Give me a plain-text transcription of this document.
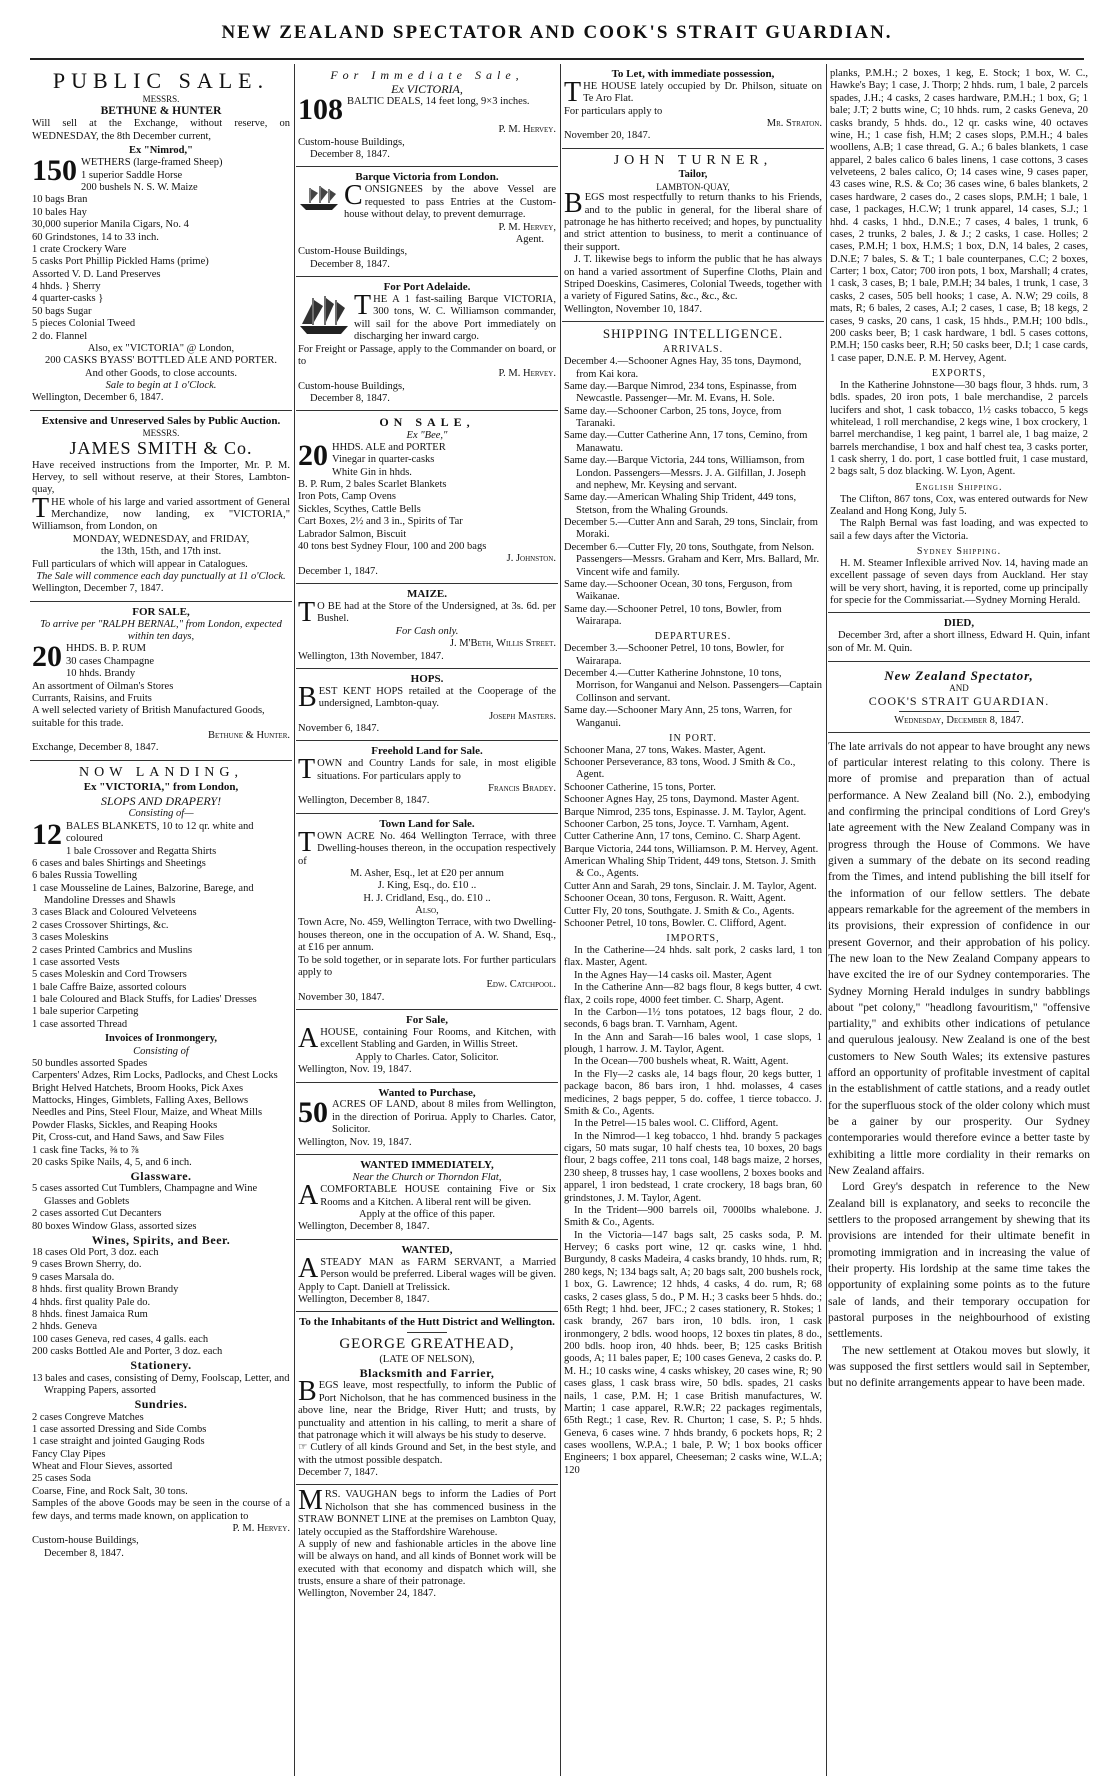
NEW ZEALAND SPECTATOR AND COOK'S STRAIT GUARDIAN.
PUBLIC SALE.
MESSRS.
BETHUNE & HUNTER
Will sell at the Exchange, without reserve, on WEDNESDAY, the 8th December current,
Ex "Nimrod,"
150 WETHERS (large-framed Sheep)
1 superior Saddle Horse
200 bushels N. S. W. Maize
10 bags Bran
10 bales Hay
30,000 superior Manila Cigars, No. 4
60 Grindstones, 14 to 33 inch.
1 crate Crockery Ware
5 casks Port Phillip Pickled Hams (prime)
Assorted V. D. Land Preserves
4 hhds. } Sherry
4 quarter-casks }
50 bags Sugar
5 pieces Colonial Tweed
2 do. Flannel
Also, ex "VICTORIA" @ London,
200 CASKS BYASS' BOTTLED ALE AND PORTER.
And other Goods, to close accounts.
Sale to begin at 1 o'Clock.
Wellington, December 6, 1847.
Extensive and Unreserved Sales by Public Auction.
MESSRS.
JAMES SMITH & Co.
Have received instructions from the Importer, Mr. P. M. Hervey, to sell without reserve, at their Stores, Lambton-quay,
THE whole of his large and varied assortment of General Merchandize, now landing, ex "VICTORIA," Williamson, from London, on
MONDAY, WEDNESDAY, and FRIDAY,
the 13th, 15th, and 17th inst.
Full particulars of which will appear in Catalogues.
The Sale will commence each day punctually at 11 o'Clock.
Wellington, December 7, 1847.
FOR SALE,
To arrive per "RALPH BERNAL," from London, expected within ten days,
20 HHDS. B. P. RUM
30 cases Champagne
10 hhds. Brandy
An assortment of Oilman's Stores
Currants, Raisins, and Fruits
A well selected variety of British Manufactured Goods, suitable for this trade.
Bethune & Hunter.
Exchange, December 8, 1847.
NOW LANDING,
Ex "VICTORIA," from London,
SLOPS AND DRAPERY!
Consisting of—
12 BALES BLANKETS, 10 to 12 qr. white and coloured
1 bale Crossover and Regatta Shirts
6 cases and bales Shirtings and Sheetings
6 bales Russia Towelling
1 case Mousseline de Laines, Balzorine, Barege, and Mandoline Dresses and Shawls
3 cases Black and Coloured Velveteens
2 cases Crossover Shirtings, &c.
3 cases Moleskins
2 cases Printed Cambrics and Muslins
1 case assorted Vests
5 cases Moleskin and Cord Trowsers
1 bale Caffre Baize, assorted colours
1 bale Coloured and Black Stuffs, for Ladies' Dresses
1 bale superior Carpeting
1 case assorted Thread
Invoices of Ironmongery,
Consisting of
50 bundles assorted Spades
Carpenters' Adzes, Rim Locks, Padlocks, and Chest Locks
Bright Helved Hatchets, Broom Hooks, Pick Axes
Mattocks, Hinges, Gimblets, Falling Axes, Bellows
Needles and Pins, Steel Flour, Maize, and Wheat Mills
Powder Flasks, Sickles, and Reaping Hooks
Pit, Cross-cut, and Hand Saws, and Saw Files
1 cask fine Tacks, ⅜ to ⅞
20 casks Spike Nails, 4, 5, and 6 inch.
Glassware.
5 cases assorted Cut Tumblers, Champagne and Wine Glasses and Goblets
2 cases assorted Cut Decanters
80 boxes Window Glass, assorted sizes
Wines, Spirits, and Beer.
18 cases Old Port, 3 doz. each
9 cases Brown Sherry, do.
9 cases Marsala do.
8 hhds. first quality Brown Brandy
4 hhds. first quality Pale do.
8 hhds. finest Jamaica Rum
2 hhds. Geneva
100 cases Geneva, red cases, 4 galls. each
200 casks Bottled Ale and Porter, 3 doz. each
Stationery.
13 bales and cases, consisting of Demy, Foolscap, Letter, and Wrapping Papers, assorted
Sundries.
2 cases Congreve Matches
1 case assorted Dressing and Side Combs
1 case straight and jointed Gauging Rods
Fancy Clay Pipes
Wheat and Flour Sieves, assorted
25 cases Soda
Coarse, Fine, and Rock Salt, 30 tons.
Samples of the above Goods may be seen in the course of a few days, and terms made known, on application to
P. M. Hervey.
Custom-house Buildings,
December 8, 1847.
For Immediate Sale,
Ex VICTORIA,
108 BALTIC DEALS, 14 feet long, 9×3 inches.
P. M. Hervey.
Custom-house Buildings,
December 8, 1847.
Barque Victoria from London.
CONSIGNEES by the above Vessel are requested to pass Entries at the Custom-house without delay, to prevent demurrage.
P. M. Hervey,
Agent.
Custom-House Buildings,
December 8, 1847.
For Port Adelaide.
THE A 1 fast-sailing Barque VICTORIA, 300 tons, W. C. Williamson commander, will sail for the above Port immediately on discharging her inward cargo.
For Freight or Passage, apply to the Commander on board, or to
P. M. Hervey.
Custom-house Buildings,
December 8, 1847.
ON SALE,
Ex "Bee,"
20 HHDS. ALE and PORTER
Vinegar in quarter-casks
White Gin in hhds.
B. P. Rum, 2 bales Scarlet Blankets
Iron Pots, Camp Ovens
Sickles, Scythes, Cattle Bells
Cart Boxes, 2½ and 3 in., Spirits of Tar
Labrador Salmon, Biscuit
40 tons best Sydney Flour, 100 and 200 bags
J. Johnston.
December 1, 1847.
MAIZE.
T O BE had at the Store of the Undersigned, at 3s. 6d. per Bushel.
For Cash only.
J. M'Beth, Willis Street.
Wellington, 13th November, 1847.
HOPS.
BEST KENT HOPS retailed at the Cooperage of the undersigned, Lambton-quay.
Joseph Masters.
November 6, 1847.
Freehold Land for Sale.
TOWN and Country Lands for sale, in most eligible situations. For particulars apply to
Francis Bradey.
Wellington, December 8, 1847.
Town Land for Sale.
TOWN ACRE No. 464 Wellington Terrace, with three Dwelling-houses thereon, in the occupation respectively of
M. Asher, Esq., let at £20 per annum
J. King, Esq., do. £10 ..
H. J. Cridland, Esq., do. £10 ..
Also,
Town Acre, No. 459, Wellington Terrace, with two Dwelling-houses thereon, one in the occupation of A. W. Shand, Esq., at £16 per annum.
To be sold together, or in separate lots. For further particulars apply to
Edw. Catchpool.
November 30, 1847.
For Sale,
AHOUSE, containing Four Rooms, and Kitchen, with excellent Stabling and Garden, in Willis Street.
Apply to Charles. Cator, Solicitor.
Wellington, Nov. 19, 1847.
Wanted to Purchase,
50 ACRES OF LAND, about 8 miles from Wellington, in the direction of Porirua. Apply to Charles. Cator, Solicitor.
Wellington, Nov. 19, 1847.
WANTED IMMEDIATELY,
Near the Church or Thorndon Flat,
ACOMFORTABLE HOUSE containing Five or Six Rooms and a Kitchen. A liberal rent will be given.
Apply at the office of this paper.
Wellington, December 8, 1847.
WANTED,
ASTEADY MAN as FARM SERVANT, a Married Person would be preferred. Liberal wages will be given. Apply to Capt. Daniell at Trelissick.
Wellington, December 8, 1847.
To the Inhabitants of the Hutt District and Wellington.
GEORGE GREATHEAD,
(LATE OF NELSON),
Blacksmith and Farrier,
BEGS leave, most respectfully, to inform the Public of Port Nicholson, that he has commenced business in the above line, near the Bridge, River Hutt; and trusts, by punctuality and attention in his calling, to merit a share of that patronage which it will always be his study to deserve.
☞ Cutlery of all kinds Ground and Set, in the best style, and with the utmost possible despatch.
December 7, 1847.
MRS. VAUGHAN begs to inform the Ladies of Port Nicholson that she has commenced business in the STRAW BONNET LINE at the premises on Lambton Quay, lately occupied as the Staffordshire Warehouse.
A supply of new and fashionable articles in the above line will be always on hand, and all kinds of Bonnet work will be executed with that economy and dispatch which will, she trusts, ensure a share of their patronage.
Wellington, November 24, 1847.
To Let, with immediate possession,
THE HOUSE lately occupied by Dr. Philson, situate on Te Aro Flat.
For particulars apply to
Mr. Straton.
November 20, 1847.
JOHN TURNER,
Tailor,
LAMBTON-QUAY,
BEGS most respectfully to return thanks to his Friends, and to the public in general, for the liberal share of patronage he has hitherto received; and hopes, by punctuality and strict attention to business, to merit a continuance of their support.
J. T. likewise begs to inform the public that he has always on hand a varied assortment of Superfine Cloths, Plain and Striped Doeskins, Casimeres, Colonial Tweeds, together with a variety of Figured Satins, &c., &c., &c.
Wellington, November 10, 1847.
SHIPPING INTELLIGENCE.
ARRIVALS.
December 4.—Schooner Agnes Hay, 35 tons, Daymond, from Kai kora.
Same day.—Barque Nimrod, 234 tons, Espinasse, from Newcastle. Passenger—Mr. M. Evans, H. Sole.
Same day.—Schooner Carbon, 25 tons, Joyce, from Taranaki.
Same day.—Cutter Catherine Ann, 17 tons, Cemino, from Manawatu.
Same day.—Barque Victoria, 244 tons, Williamson, from London. Passengers—Messrs. J. A. Gilfillan, J. Joseph and nephew, Mr. Keysing and servant.
Same day.—American Whaling Ship Trident, 449 tons, Stetson, from the Whaling Grounds.
December 5.—Cutter Ann and Sarah, 29 tons, Sinclair, from Moraki.
December 6.—Cutter Fly, 20 tons, Southgate, from Nelson. Passengers—Messrs. Graham and Kerr, Mrs. Ballard, Mr. Vincent wife and family.
Same day.—Schooner Ocean, 30 tons, Ferguson, from Waikanae.
Same day.—Schooner Petrel, 10 tons, Bowler, from Wairarapa.
DEPARTURES.
December 3.—Schooner Petrel, 10 tons, Bowler, for Wairarapa.
December 4.—Cutter Katherine Johnstone, 10 tons, Morrison, for Wanganui and Nelson. Passengers—Captain Collinson and servant.
Same day.—Schooner Mary Ann, 25 tons, Warren, for Wanganui.
IN PORT.
Schooner Mana, 27 tons, Wakes. Master, Agent.
Schooner Perseverance, 83 tons, Wood. J Smith & Co., Agent.
Schooner Catherine, 15 tons, Porter.
Schooner Agnes Hay, 25 tons, Daymond. Master Agent.
Barque Nimrod, 235 tons, Espinasse. J. M. Taylor, Agent.
Schooner Carbon, 25 tons, Joyce. T. Varnham, Agent.
Cutter Catherine Ann, 17 tons, Cemino. C. Sharp Agent.
Barque Victoria, 244 tons, Williamson. P. M. Hervey, Agent.
American Whaling Ship Trident, 449 tons, Stetson. J. Smith & Co., Agents.
Cutter Ann and Sarah, 29 tons, Sinclair. J. M. Taylor, Agent.
Schooner Ocean, 30 tons, Ferguson. R. Waitt, Agent.
Cutter Fly, 20 tons, Southgate. J. Smith & Co., Agents.
Schooner Petrel, 10 tons, Bowler. C. Clifford, Agent.
IMPORTS,
In the Catherine—24 hhds. salt pork, 2 casks lard, 1 ton flax. Master, Agent.
In the Agnes Hay—14 casks oil. Master, Agent
In the Catherine Ann—82 bags flour, 8 kegs butter, 4 cwt. flax, 2 coils rope, 4000 feet timber. C. Sharp, Agent.
In the Carbon—1½ tons potatoes, 12 bags flour, 2 do. seconds, 6 bags bran. T. Varnham, Agent.
In the Ann and Sarah—16 bales wool, 1 case slops, 1 plough, 1 harrow. J. M. Taylor, Agent.
In the Ocean—700 bushels wheat, R. Waitt, Agent.
In the Fly—2 casks ale, 14 bags flour, 20 kegs butter, 1 package bacon, 86 bars iron, 1 hhd. molasses, 4 cases medicines, 2 bags pepper, 5 do. coffee, 1 tierce tobacco. J. Smith & Co., Agents.
In the Petrel—15 bales wool. C. Clifford, Agent.
In the Nimrod—1 keg tobacco, 1 hhd. brandy 5 packages cigars, 50 mats sugar, 10 half chests tea, 10 boxes, 20 bags flour, 2 bags coffee, 211 tons coal, 148 bags maize, 2 horses, 230 sheep, 8 trusses hay, 1 case woollens, 2 boxes books and apparel, 1 iron bedstead, 1 crate crockery, 18 bags bran, 60 grindstones, J. M. Taylor, Agent.
In the Trident—900 barrels oil, 7000lbs whalebone. J. Smith & Co., Agents.
In the Victoria—147 bags salt, 25 casks soda, P. M. Hervey; 6 casks port wine, 12 qr. casks wine, 1 hhd. Burgundy, 8 casks Madeira, 4 casks brandy, 10 hhds. rum, R; 280 kegs, N; 134 bags salt, A; 20 bags salt, 200 bushels rock, 1 box, G. Lawrence; 12 hhds, 4 casks, 4 do. rum, R; 68 casks, 2 cases glass, 5 do., P M. H.; 3 casks beer 5 hhds. do.; 65th Regt; 1 hhd. beer, JFC.; 2 cases stationery, R. Stokes; 1 cask brandy, 267 bars iron, 10 bdls. iron, 1 cask ironmongery, 2 bdls. wood hoops, 12 boxes tin plates, 8 do., 200 bdls. hoop iron, 40 hhds. beer, B; 125 casks British goods, A; 11 bales paper, E; 100 cases Geneva, 2 casks do. P. M. H.; 10 casks wine, 4 casks whiskey, 20 cases wine, R; 90 cases glass, 1 cask brass wire, 50 bdls. spades, 21 casks nails, 1 case, P.M. H; 1 case British manufactures, W. Martin; 1 case apparel, R.W.R; 22 packages regimentals, 65th Regt.; 1 case, Rev. R. Churton; 1 case, S. P.; 5 hhds. Geneva, 6 cases wine. 7 hhds brandy, 6 pockets hops, R; 2 cases woollens, W.P.A.; 1 bale, P. W; 1 box books officer Engineers; 1 box apparel, Cheeseman; 2 casks wine, W.L.A; 120
planks, P.M.H.; 2 boxes, 1 keg, E. Stock; 1 box, W. C., Hawke's Bay; 1 case, J. Thorp; 2 hhds. rum, 1 bale, 2 parcels spades, J.H.; 4 casks, 2 cases hardware, P.M.H.; 1 box, G; 1 bale; J.T; 2 butts wine, C; 10 hhds. rum, 2 casks Geneva, 20 casks brandy, 5 hhds. do., 12 qr. casks wine, 40 octaves wine, H.; 1 case fish, H.M; 2 cases slops, P.M.H.; 4 bales woollens, A.B; 1 case thread, G. A.; 6 bales blankets, 1 case apparel, 2 bales calico 6 bales linens, 1 case cottons, 3 cases velveteens, 2 bales calico, O; 14 cases wine, 9 cases paper, 43 cases wine, R.S. & Co; 36 cases wine, 6 bales blankets, 2 cases hardware, 2 cases do., 2 cases slops, P.M.H; 1 bale, 1 case, 1 packages, H.C.W; 1 trunk apparel, 14 cases, S.J.; 1 hhd. 4 casks, 1 hhd., D.N.E.; 7 cases, 4 bales, 1 trunk, 6 cases, 2 trunks, 2 bales, J. & J.; 2 casks, 1 case. Holles; 2 cases, P.M.H; 1 box, H.M.S; 1 box, D.N, 14 bales, 2 cases, D.N.E; 7 bales, S. & T.; 1 bale counterpanes, C.C; 2 boxes, Carter; 1 box, Cator; 700 iron pots, 1 box, Marshall; 4 crates, 1 cask, 3 cases, B; 1 bale, P.M.H; 34 bales, 1 trunk, 1 case, 3 casks, 2 cases, 505 bell hooks; 1 case, A. N.W; 29 coils, 8 mats, R; 6 bales, 2 cases, A.I; 2 cases, 1 case, B; 18 kegs, 2 cases, 9 casks, 20 cans, 1 cask, 15 hhds., P.M.H; 100 bdls., 200 casks beer, B; 1 cask hardware, 1 bdl. 5 cases cottons, P.M.H; 150 casks beer, R.H; 50 casks beer, D.I; 1 case cards, 1 case paper, D.N.E. P. M. Hervey, Agent.
EXPORTS,
In the Katherine Johnstone—30 bags flour, 3 hhds. rum, 3 bdls. spades, 20 iron pots, 1 bale merchandise, 2 parcels lucifers and shot, 1 cask tobacco, 1½ casks tobacco, 5 kegs whitelead, 1 roll merchandise, 2 kegs wine, 1 box crockery, 1 barrel merchandise, 1 keg paint, 1 barrel ale, 1 bag maize, 2 barrels merchandise, 1 box and half chest tea, 3 casks porter, 1 cask sherry, 1 do. port, 1 case bottled fruit, 1 case mustard, 2 bags salt, 5 doz blacking. W. Lyon, Agent.
English Shipping.
The Clifton, 867 tons, Cox, was entered outwards for New Zealand and Hong Kong, July 5.
The Ralph Bernal was fast loading, and was expected to sail a few days after the Victoria.
Sydney Shipping.
H. M. Steamer Inflexible arrived Nov. 14, having made an excellent passage of seven days from Auckland. Her stay will be very short, having, it is reported, come up principally for specie for the Commissariat.—Sydney Morning Herald.
DIED,
December 3rd, after a short illness, Edward H. Quin, infant son of Mr. M. Quin.
New Zealand Spectator,
AND
COOK'S STRAIT GUARDIAN.
Wednesday, December 8, 1847.

The late arrivals do not appear to have brought any news of particular interest relating to this colony. There is more of promise and preparation than of actual performance. A New Zealand bill (No. 2.), embodying and confirming the principal conditions of Lord Grey's late agreement with the New Zealand Company was in progress through the House of Commons. We have given a summary of the debate on its second reading from the Times, and intend publishing the bill itself for the information of our fellow settlers. The debate appears remarkable for the agreement of the members in its provisions, their expression of confidence in our present Governor, and their approbation of his policy. The new loan to the New Zealand Company appears to have excited the ire of our Sydney contemporaries. The Sydney Morning Herald indulges in sundry babblings about "pet colony," "headlong favouritism," "offensive partiality," and exhibits other indications of petulance and querulous jealousy. New Zealand is one of the best customers to New South Wales; its extensive pastures afford an opportunity of profitable investment of capital in the establishment of cattle stations, and a ready outlet for the superfluous stock of the older colony which must be a gainer by our prosperity. Our Sydney contemporaries would therefore evince a better taste by exhibiting a little more cordiality in their remarks on New Zealand affairs.

Lord Grey's despatch in reference to the New Zealand bill is explanatory, and seeks to reconcile the settlers to the proposed arrangement by shewing that its provisions are intended for their ultimate benefit in promoting immigration and in increasing the value of their property. His lordship at the same time takes the opportunity of explaining some points as to the future sale of lands, and their temporary occupation for pastoral purposes in the neighbourhood of existing settlements.

The new settlement at Otakou moves but slowly, it was supposed the first settlers would sail in September, but no definite arrangements appear to have been made.
